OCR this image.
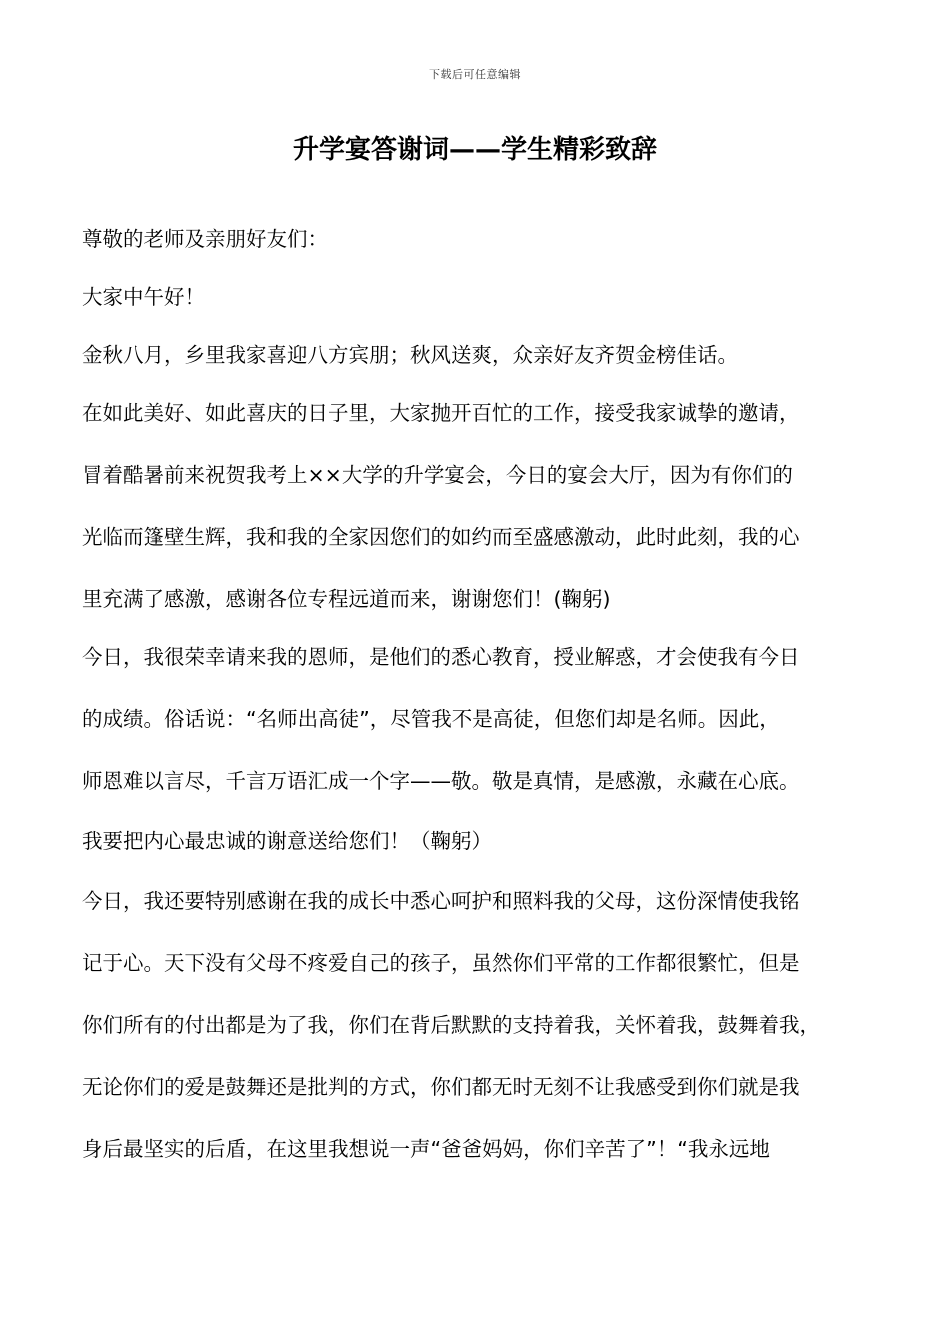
下载后可任意编辑
升学宴答谢词——学生精彩致辞

尊敬的老师及亲朋好友们：

大家中午好！

金秋八月，乡里我家喜迎八方宾朋；秋风送爽，众亲好友齐贺金榜佳话。

在如此美好、如此喜庆的日子里，大家抛开百忙的工作，接受我家诚挚的邀请，

冒着酷暑前来祝贺我考上××大学的升学宴会，今日的宴会大厅，因为有你们的

光临而篷壁生辉，我和我的全家因您们的如约而至盛感激动，此时此刻，我的心

里充满了感激，感谢各位专程远道而来，谢谢您们！(鞠躬)

今日，我很荣幸请来我的恩师，是他们的悉心教育，授业解惑，才会使我有今日

的成绩。俗话说：“名师出高徒”，尽管我不是高徒，但您们却是名师。因此，

师恩难以言尽，千言万语汇成一个字——敬。敬是真情，是感激，永藏在心底。

我要把内心最忠诚的谢意送给您们！（鞠躬）

今日，我还要特别感谢在我的成长中悉心呵护和照料我的父母，这份深情使我铭

记于心。天下没有父母不疼爱自己的孩子，虽然你们平常的工作都很繁忙，但是

你们所有的付出都是为了我，你们在背后默默的支持着我，关怀着我，鼓舞着我，

无论你们的爱是鼓舞还是批判的方式，你们都无时无刻不让我感受到你们就是我

身后最坚实的后盾，在这里我想说一声“爸爸妈妈，你们辛苦了”！“我永远地
